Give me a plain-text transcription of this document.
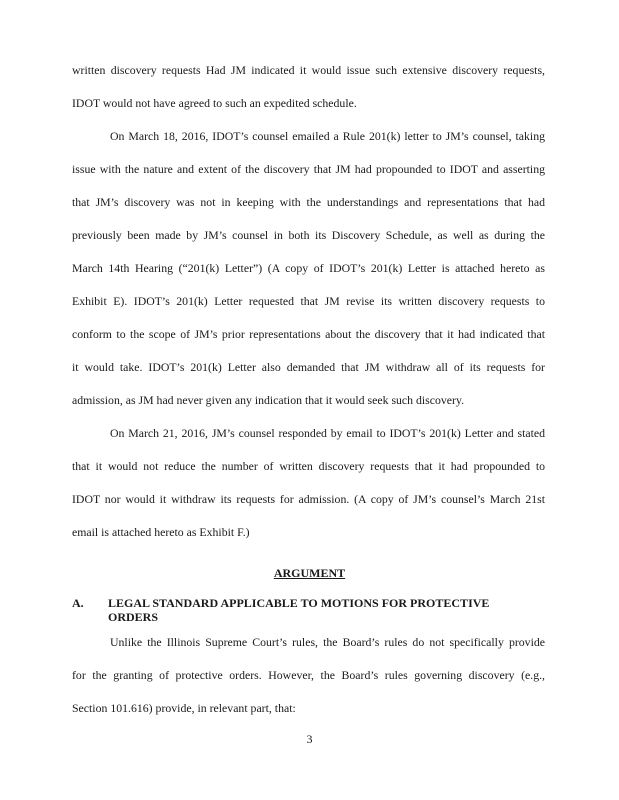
written discovery requests Had JM indicated it would issue such extensive discovery requests,
IDOT would not have agreed to such an expedited schedule.
On March 18, 2016, IDOT’s counsel emailed a Rule 201(k) letter to JM’s counsel, taking
issue with the nature and extent of the discovery that JM had propounded to IDOT and asserting
that JM’s discovery was not in keeping with the understandings and representations that had
previously been made by JM’s counsel in both its Discovery Schedule, as well as during the
March 14th Hearing (“201(k) Letter”) (A copy of IDOT’s 201(k) Letter is attached hereto as
Exhibit E). IDOT’s 201(k) Letter requested that JM revise its written discovery requests to
conform to the scope of JM’s prior representations about the discovery that it had indicated that
it would take. IDOT’s 201(k) Letter also demanded that JM withdraw all of its requests for
admission, as JM had never given any indication that it would seek such discovery.
On March 21, 2016, JM’s counsel responded by email to IDOT’s 201(k) Letter and stated
that it would not reduce the number of written discovery requests that it had propounded to
IDOT nor would it withdraw its requests for admission. (A copy of JM’s counsel’s March 21st
email is attached hereto as Exhibit F.)
ARGUMENT
A. LEGAL STANDARD APPLICABLE TO MOTIONS FOR PROTECTIVE
ORDERS
Unlike the Illinois Supreme Court’s rules, the Board’s rules do not specifically provide
for the granting of protective orders. However, the Board’s rules governing discovery (e.g.,
Section 101.616) provide, in relevant part, that:
3
